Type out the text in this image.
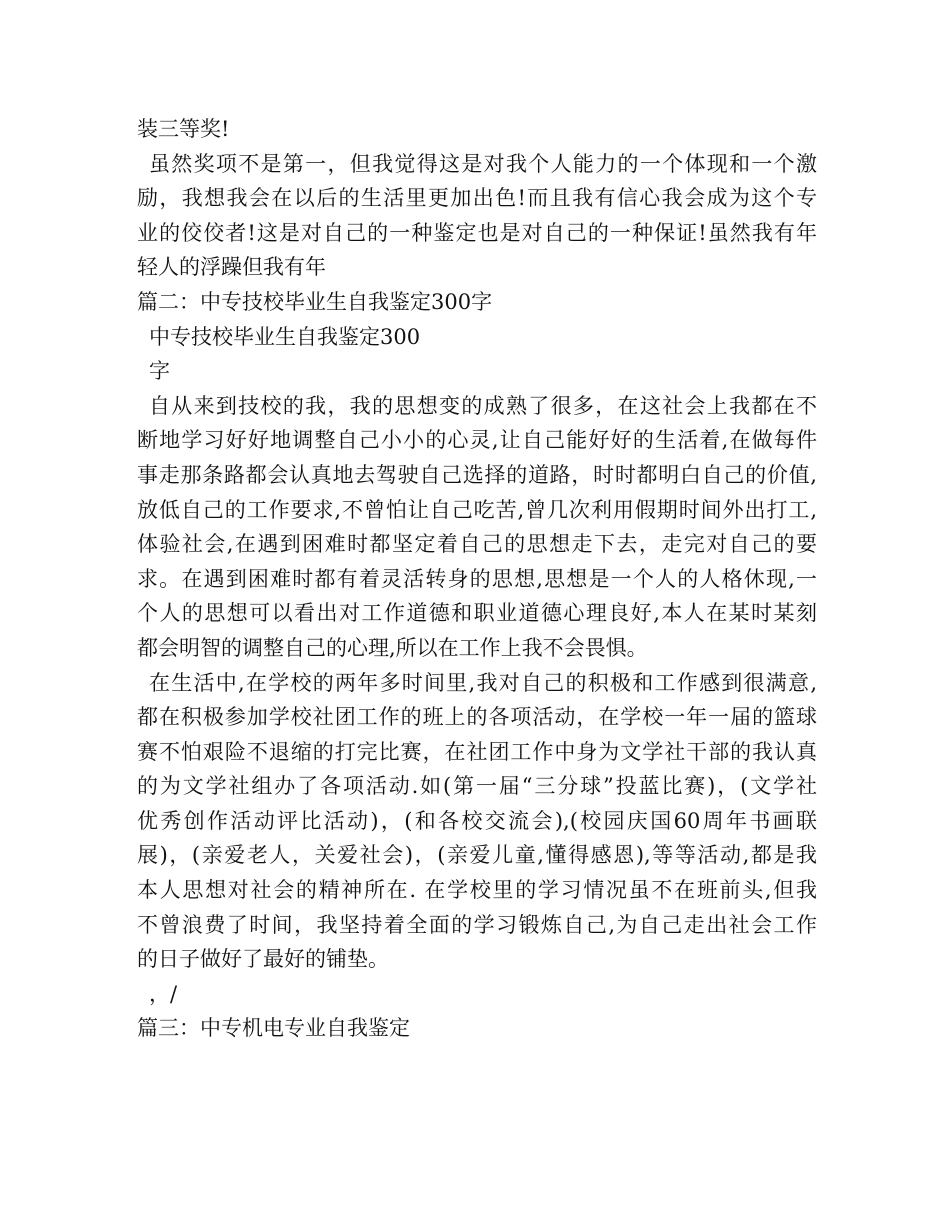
装三等奖!
虽然奖项不是第一，但我觉得这是对我个人能力的一个体现和一个激
励，我想我会在以后的生活里更加出色!而且我有信心我会成为这个专
业的佼佼者!这是对自己的一种鉴定也是对自己的一种保证!虽然我有年
轻人的浮躁但我有年
篇二：中专技校毕业生自我鉴定300字
中专技校毕业生自我鉴定300
字
自从来到技校的我，我的思想变的成熟了很多，在这社会上我都在不
断地学习好好地调整自己小小的心灵,让自己能好好的生活着,在做每件
事走那条路都会认真地去驾驶自己选择的道路，时时都明白自己的价值,
放低自己的工作要求,不曾怕让自己吃苦,曾几次利用假期时间外出打工,
体验社会,在遇到困难时都坚定着自己的思想走下去，走完对自己的要
求。在遇到困难时都有着灵活转身的思想,思想是一个人的人格休现,一
个人的思想可以看出对工作道德和职业道德心理良好,本人在某时某刻
都会明智的调整自己的心理,所以在工作上我不会畏惧。
在生活中,在学校的两年多时间里,我对自己的积极和工作感到很满意,
都在积极参加学校社团工作的班上的各项活动，在学校一年一届的篮球
赛不怕艰险不退缩的打完比赛，在社团工作中身为文学社干部的我认真
的为文学社组办了各项活动.如(第一届“三分球”投蓝比赛)，(文学社
优秀创作活动评比活动)，(和各校交流会),(校园庆国60周年书画联
展)，(亲爱老人，关爱社会)，(亲爱儿童,懂得感恩),等等活动,都是我
本人思想对社会的精神所在. 在学校里的学习情况虽不在班前头,但我
不曾浪费了时间，我坚持着全面的学习锻炼自己,为自己走出社会工作
的日子做好了最好的铺垫。
，/
篇三：中专机电专业自我鉴定
